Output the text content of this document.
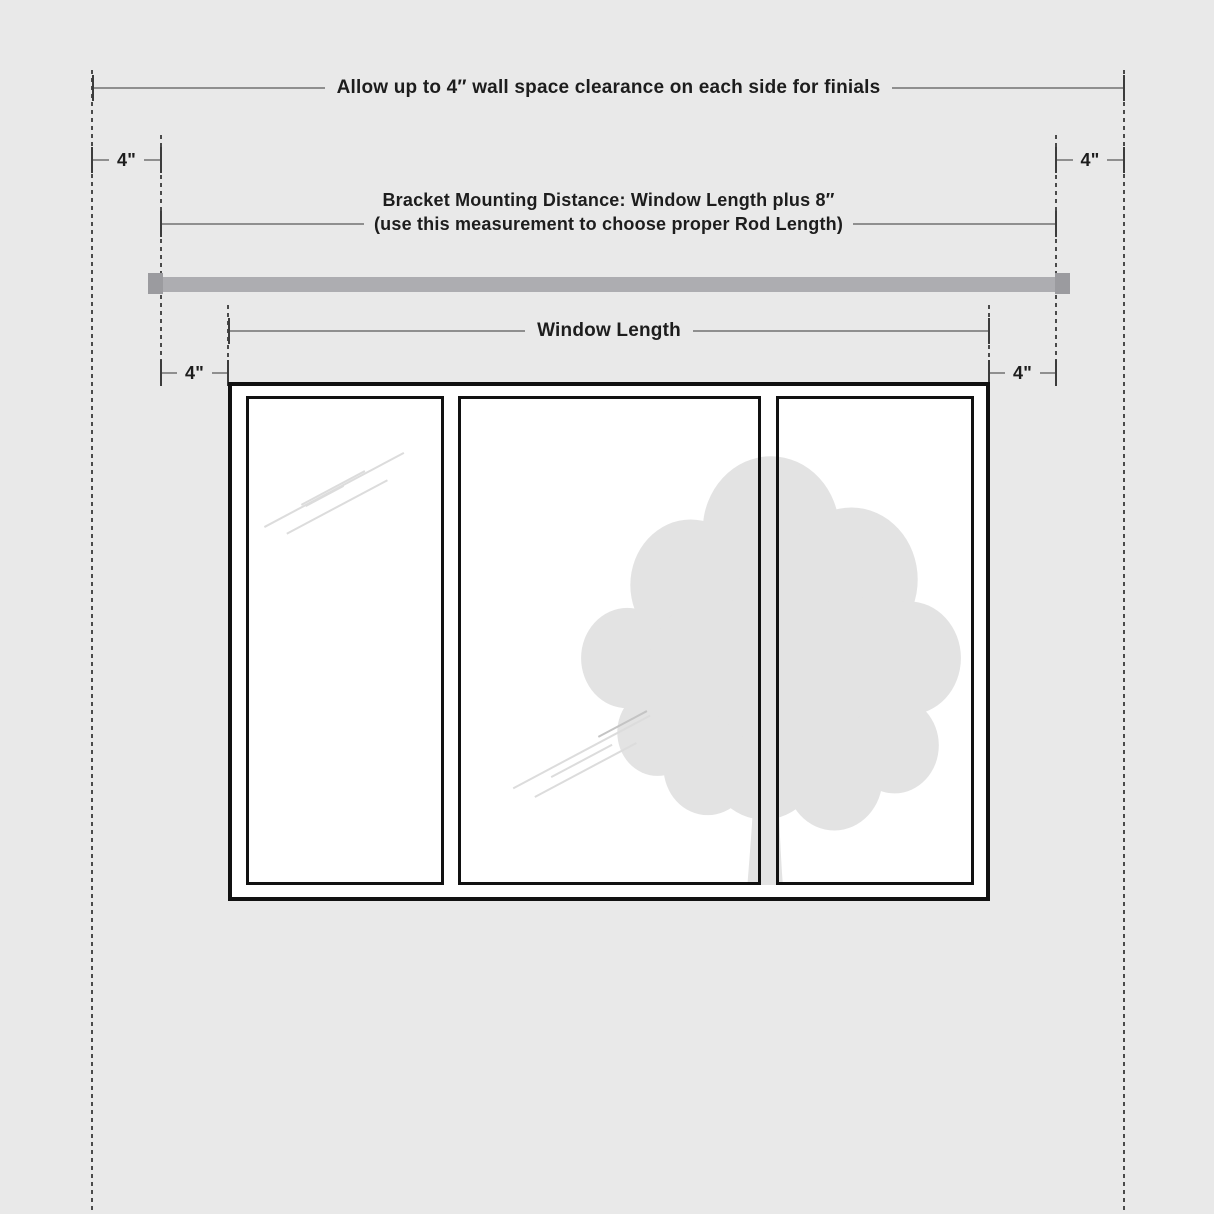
Allow up to 4″ wall space clearance on each side for finials
4"	4"
Bracket Mounting Distance: Window Length plus 8″
(use this measurement to choose proper Rod Length)
Window Length
4"	4"
